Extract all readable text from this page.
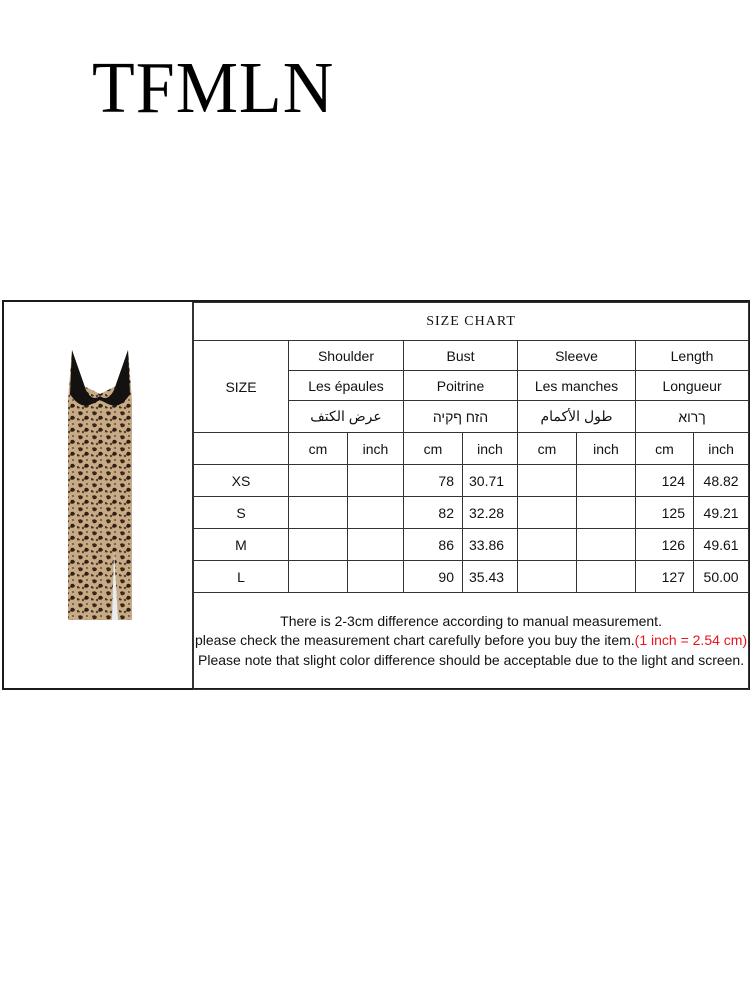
TFMLN
SIZE CHART								
SIZE	Shoulder		Bust		Sleeve		Length	
	Les épaules		Poitrine		Les manches		Longueur	
	عرض الكتف		הזח ףקיה		طول الأكمام		ךרוא	
	cm	inch	cm	inch	cm	inch	cm	inch
XS			78	30.71			124	48.82
S			82	32.28			125	49.21
M			86	33.86			126	49.61
L			90	35.43			127	50.00

There is 2-3cm difference according to manual measurement.
please check the measurement chart carefully before you buy the item.(1 inch = 2.54 cm)
Please note that slight color difference should be acceptable due to the light and screen.								
